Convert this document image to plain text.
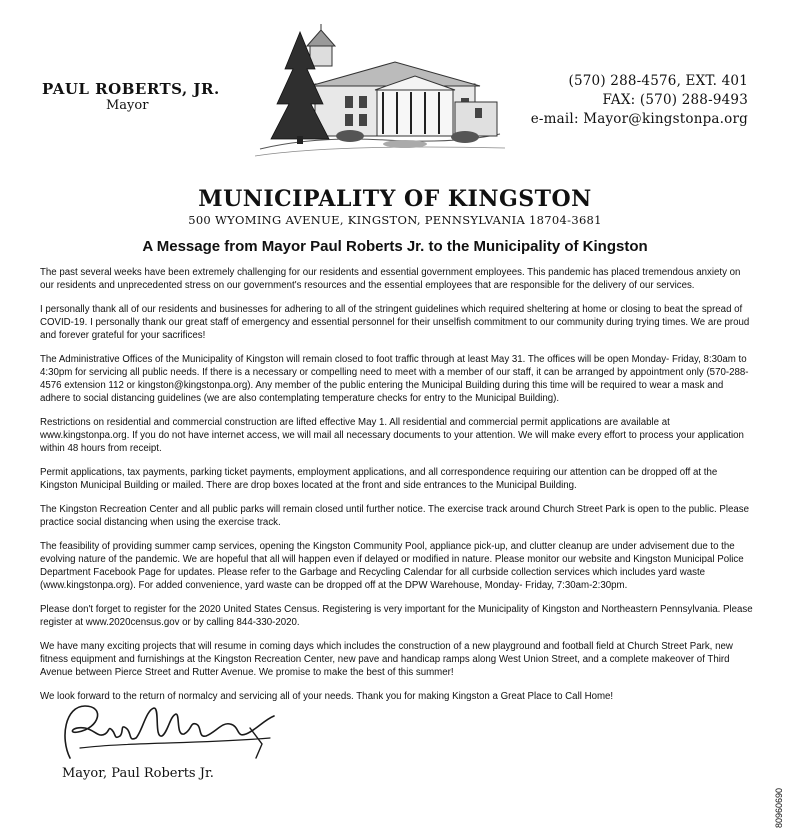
PAUL ROBERTS, JR.
Mayor
(570) 288-4576, EXT. 401
FAX: (570) 288-9493
e-mail: Mayor@kingstonpa.org
MUNICIPALITY OF KINGSTON
500 WYOMING AVENUE, KINGSTON, PENNSYLVANIA 18704-3681
A Message from Mayor Paul Roberts Jr. to the Municipality of Kingston

The past several weeks have been extremely challenging for our residents and essential government employees. This pandemic has placed tremendous anxiety on our residents and unprecedented stress on our government's resources and the essential employees that are responsible for the delivery of our services.

I personally thank all of our residents and businesses for adhering to all of the stringent guidelines which required sheltering at home or closing to beat the spread of COVID-19. I personally thank our great staff of emergency and essential personnel for their unselfish commitment to our community during trying times. We are proud and forever grateful for your sacrifices!

The Administrative Offices of the Municipality of Kingston will remain closed to foot traffic through at least May 31. The offices will be open Monday- Friday, 8:30am to 4:30pm for servicing all public needs. If there is a necessary or compelling need to meet with a member of our staff, it can be arranged by appointment only (570-288-4576 extension 112 or kingston@kingstonpa.org). Any member of the public entering the Municipal Building during this time will be required to wear a mask and adhere to social distancing guidelines (we are also contemplating temperature checks for entry to the Municipal Building).

Restrictions on residential and commercial construction are lifted effective May 1. All residential and commercial permit applications are available at www.kingstonpa.org. If you do not have internet access, we will mail all necessary documents to your attention. We will make every effort to process your application within 48 hours from receipt.

Permit applications, tax payments, parking ticket payments, employment applications, and all correspondence requiring our attention can be dropped off at the Kingston Municipal Building or mailed. There are drop boxes located at the front and side entrances to the Municipal Building.

The Kingston Recreation Center and all public parks will remain closed until further notice. The exercise track around Church Street Park is open to the public. Please practice social distancing when using the exercise track.

The feasibility of providing summer camp services, opening the Kingston Community Pool, appliance pick-up, and clutter cleanup are under advisement due to the evolving nature of the pandemic. We are hopeful that all will happen even if delayed or modified in nature. Please monitor our website and Kingston Municipal Police Department Facebook Page for updates. Please refer to the Garbage and Recycling Calendar for all curbside collection services which includes yard waste (www.kingstonpa.org). For added convenience, yard waste can be dropped off at the DPW Warehouse, Monday- Friday, 7:30am-2:30pm.

Please don't forget to register for the 2020 United States Census. Registering is very important for the Municipality of Kingston and Northeastern Pennsylvania. Please register at www.2020census.gov or by calling 844-330-2020.

We have many exciting projects that will resume in coming days which includes the construction of a new playground and football field at Church Street Park, new fitness equipment and furnishings at the Kingston Recreation Center, new pave and handicap ramps along West Union Street, and a complete makeover of Third Avenue between Pierce Street and Rutter Avenue. We promise to make the best of this summer!

We look forward to the return of normalcy and servicing all of your needs. Thank you for making Kingston a Great Place to Call Home!

Mayor, Paul Roberts Jr.
80960690
